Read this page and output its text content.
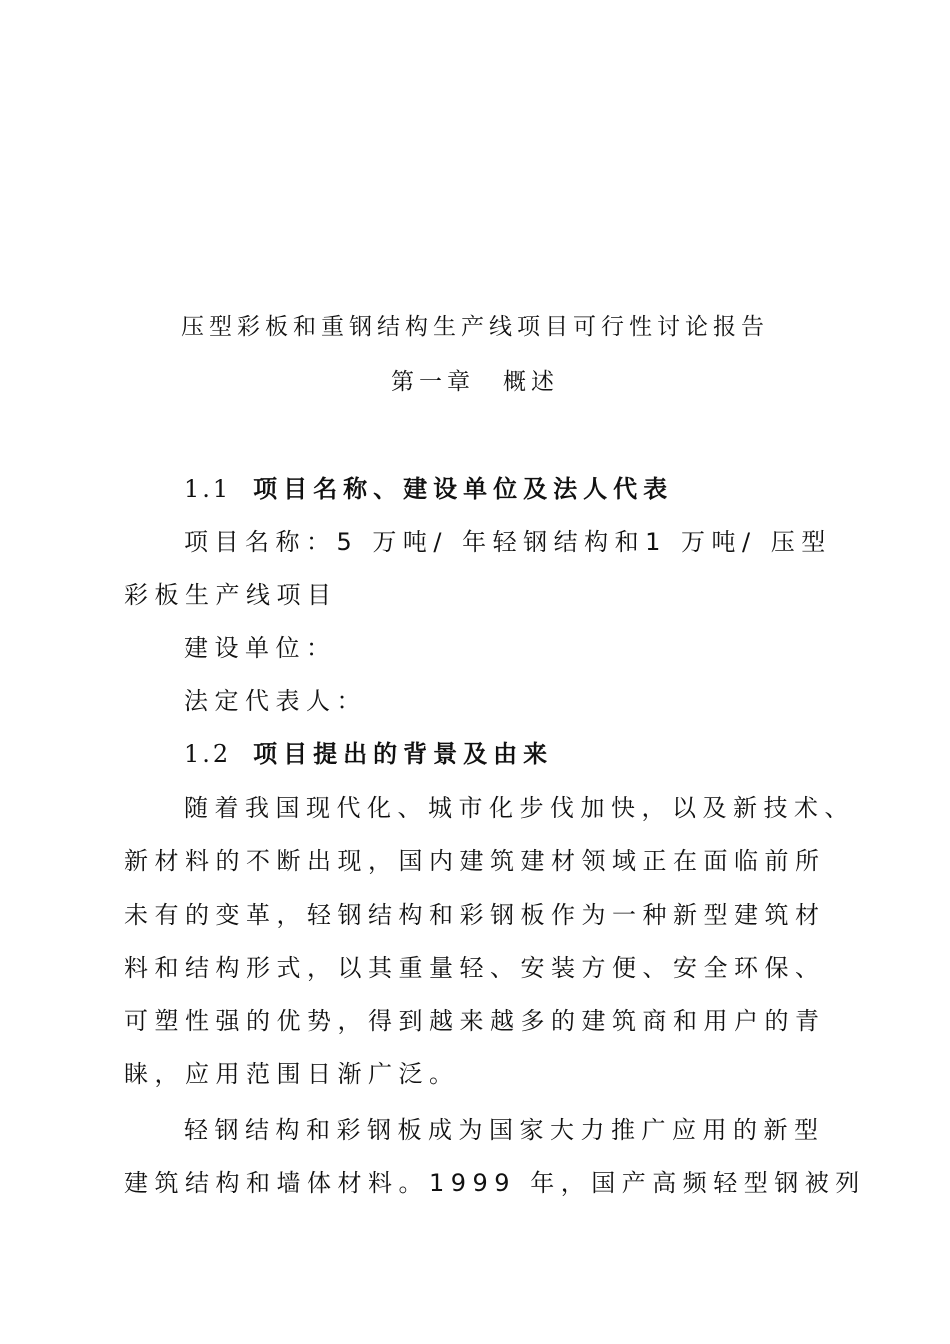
压型彩板和重钢结构生产线项目可行性讨论报告
第一章　概述
1.1 项目名称、建设单位及法人代表
项目名称：5 万吨/ 年轻钢结构和1 万吨/ 压型
彩板生产线项目
建设单位：
法定代表人：
1.2 项目提出的背景及由来
随着我国现代化、城市化步伐加快，以及新技术、
新材料的不断出现，国内建筑建材领域正在面临前所
未有的变革，轻钢结构和彩钢板作为一种新型建筑材
料和结构形式，以其重量轻、安装方便、安全环保、
可塑性强的优势，得到越来越多的建筑商和用户的青
睐，应用范围日渐广泛。
轻钢结构和彩钢板成为国家大力推广应用的新型
建筑结构和墙体材料。1999 年，国产高频轻型钢被列
